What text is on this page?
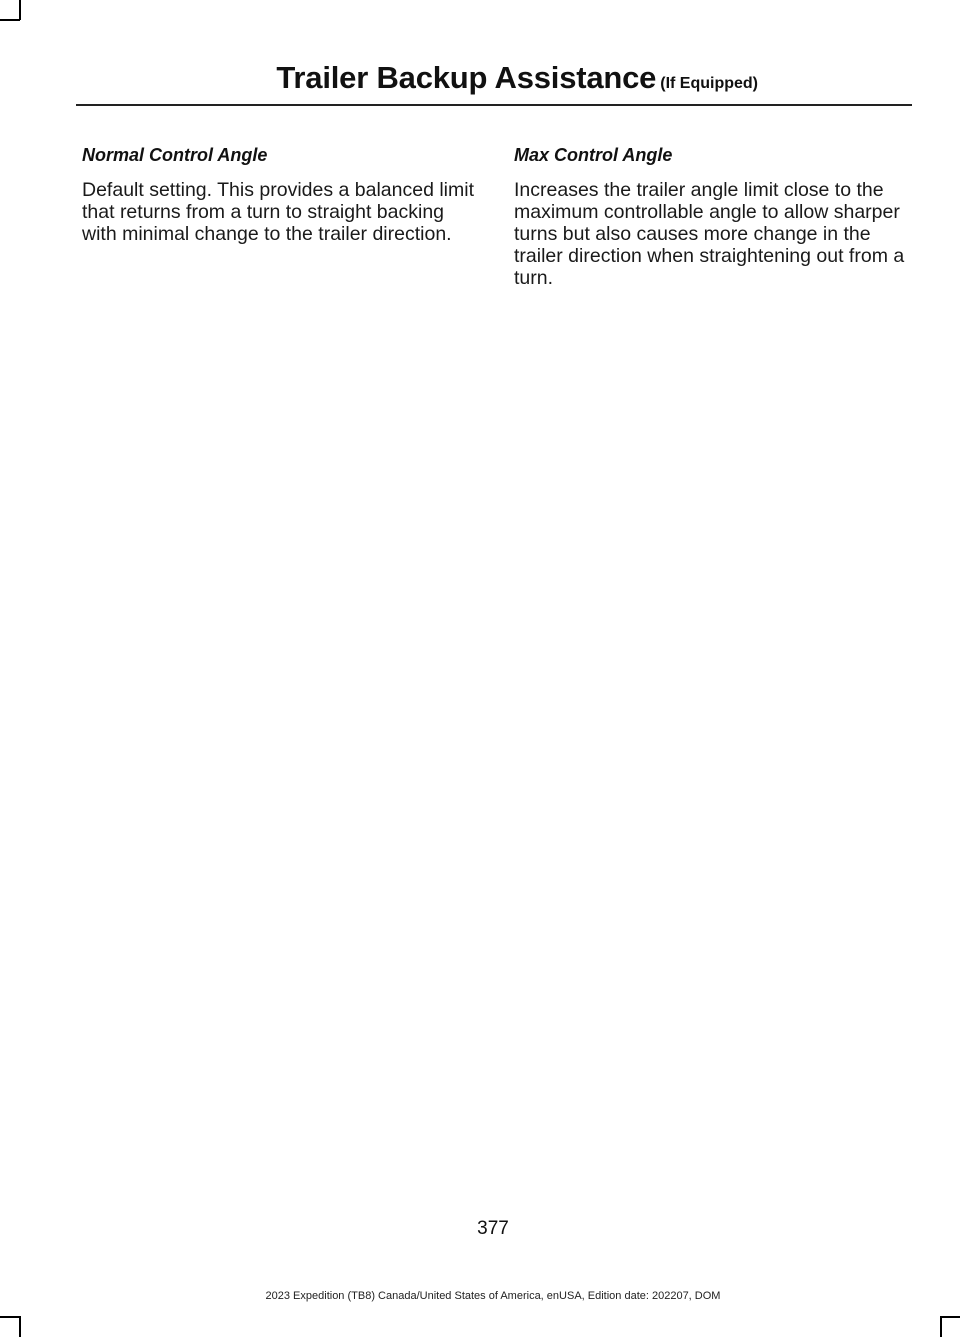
Trailer Backup Assistance (If Equipped)
Normal Control Angle

Default setting. This provides a balanced limit that returns from a turn to straight backing with minimal change to the trailer direction.

Max Control Angle

Increases the trailer angle limit close to the maximum controllable angle to allow sharper turns but also causes more change in the trailer direction when straightening out from a turn.

377
2023 Expedition (TB8) Canada/United States of America, enUSA, Edition date: 202207, DOM
